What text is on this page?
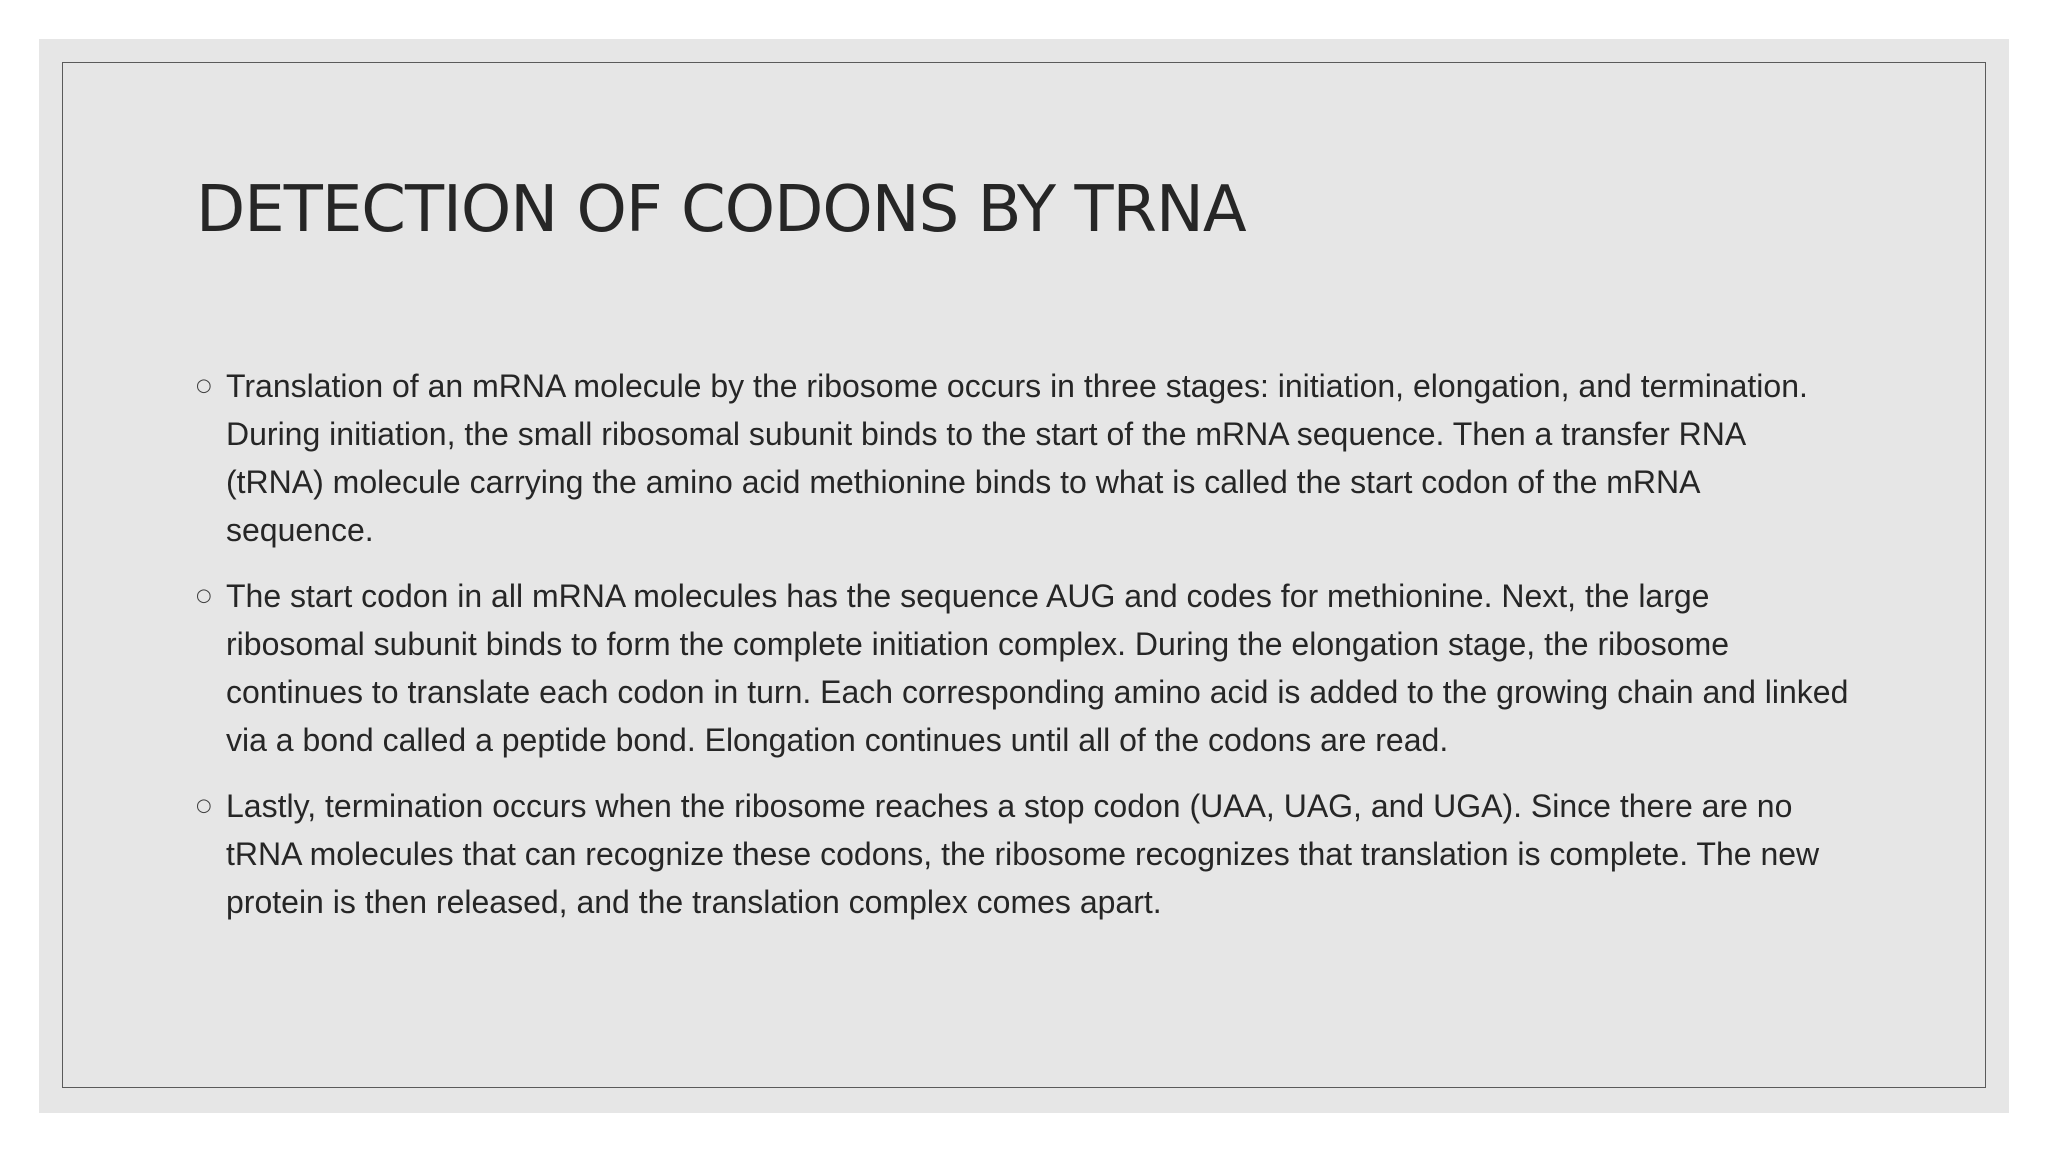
DETECTION OF CODONS BY TRNA
○ Translation of an mRNA molecule by the ribosome occurs in three stages: initiation, elongation, and termination. During initiation, the small ribosomal subunit binds to the start of the mRNA sequence. Then a transfer RNA (tRNA) molecule carrying the amino acid methionine binds to what is called the start codon of the mRNA sequence.
○ The start codon in all mRNA molecules has the sequence AUG and codes for methionine. Next, the large ribosomal subunit binds to form the complete initiation complex. During the elongation stage, the ribosome continues to translate each codon in turn. Each corresponding amino acid is added to the growing chain and linked via a bond called a peptide bond. Elongation continues until all of the codons are read.
○ Lastly, termination occurs when the ribosome reaches a stop codon (UAA, UAG, and UGA). Since there are no tRNA molecules that can recognize these codons, the ribosome recognizes that translation is complete. The new protein is then released, and the translation complex comes apart.
